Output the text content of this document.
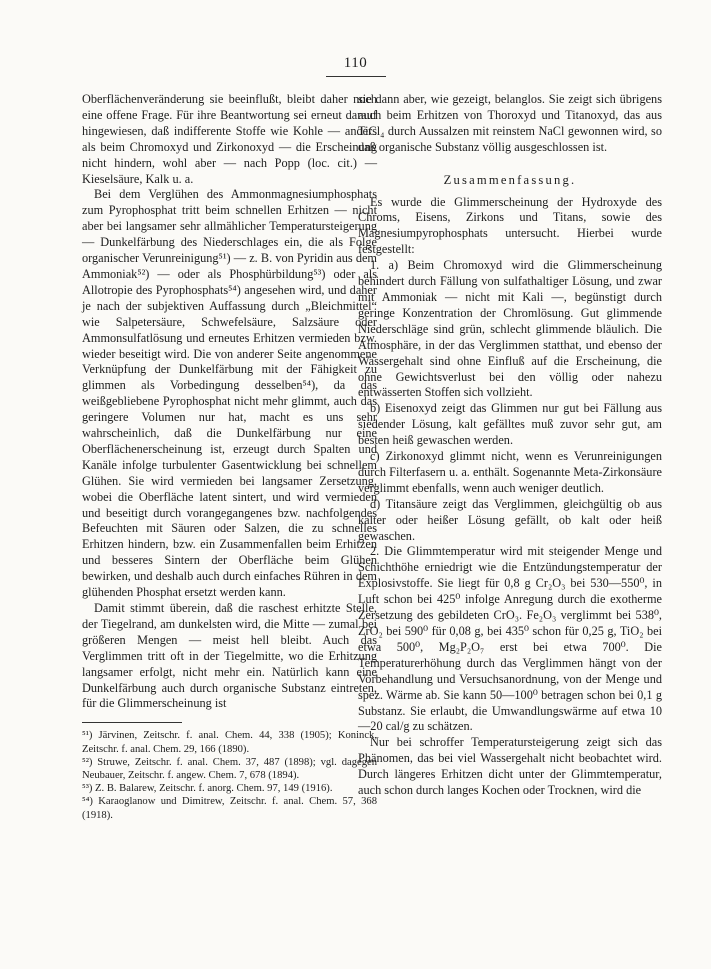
110

Oberflächenveränderung sie beeinflußt, bleibt daher noch eine offene Frage. Für ihre Beantwortung sei erneut darauf hingewiesen, daß indifferente Stoffe wie Kohle — anders als beim Chromoxyd und Zirkonoxyd — die Erscheinung nicht hindern, wohl aber — nach Popp (loc. cit.) — Kieselsäure, Kalk u. a.

Bei dem Verglühen des Ammonmagnesiumphosphats zum Pyrophosphat tritt beim schnellen Erhitzen — nicht aber bei langsamer sehr allmählicher Temperatursteigerung — Dunkelfärbung des Niederschlages ein, die als Folge organischer Verunreinigung⁵¹) — z. B. von Pyridin aus dem Ammoniak⁵²) — oder als Phosphürbildung⁵³) oder als Allotropie des Pyrophosphats⁵⁴) angesehen wird, und daher je nach der subjektiven Auffassung durch „Bleichmittel“ wie Salpetersäure, Schwefelsäure, Salzsäure oder Ammonsulfatlösung und erneutes Erhitzen vermieden bzw. wieder beseitigt wird. Die von anderer Seite angenommene Verknüpfung der Dunkelfärbung mit der Fähigkeit zu glimmen als Vorbedingung desselben⁵⁴), da das weißgebliebene Pyrophosphat nicht mehr glimmt, auch das geringere Volumen nur hat, macht es uns sehr wahrscheinlich, daß die Dunkelfärbung nur eine Oberflächenerscheinung ist, erzeugt durch Spalten und Kanäle infolge turbulenter Gasentwicklung bei schnellem Glühen. Sie wird vermieden bei langsamer Zersetzung, wobei die Oberfläche latent sintert, und wird vermieden und beseitigt durch vorangegangenes bzw. nachfolgendes Befeuchten mit Säuren oder Salzen, die zu schnelles Erhitzen hindern, bzw. ein Zusammenfallen beim Erhitzen und besseres Sintern der Oberfläche beim Glühen bewirken, und deshalb auch durch einfaches Rühren in dem glühenden Phosphat ersetzt werden kann.

Damit stimmt überein, daß die raschest erhitzte Stelle, der Tiegelrand, am dunkelsten wird, die Mitte — zumal bei größeren Mengen — meist hell bleibt. Auch das Verglimmen tritt oft in der Tiegelmitte, wo die Erhitzung langsamer erfolgt, nicht mehr ein. Natürlich kann eine Dunkelfärbung auch durch organische Substanz eintreten, für die Glimmerscheinung ist

⁵¹) Järvinen, Zeitschr. f. anal. Chem. 44, 338 (1905); Koninck, Zeitschr. f. anal. Chem. 29, 166 (1890).

⁵²) Struwe, Zeitschr. f. anal. Chem. 37, 487 (1898); vgl. dagegen Neubauer, Zeitschr. f. angew. Chem. 7, 678 (1894).

⁵³) Z. B. Balarew, Zeitschr. f. anorg. Chem. 97, 149 (1916).

⁵⁴) Karaoglanow und Dimitrew, Zeitschr. f. anal. Chem. 57, 368 (1918).

sie dann aber, wie gezeigt, belanglos. Sie zeigt sich übrigens auch beim Erhitzen von Thoroxyd und Titanoxyd, das aus TiCl₄ durch Aussalzen mit reinstem NaCl gewonnen wird, so daß organische Substanz völlig ausgeschlossen ist.

Zusammenfassung.

Es wurde die Glimmerscheinung der Hydroxyde des Chroms, Eisens, Zirkons und Titans, sowie des Magnesiumpyrophosphats untersucht. Hierbei wurde festgestellt:

1. a) Beim Chromoxyd wird die Glimmerscheinung behindert durch Fällung von sulfathaltiger Lösung, und zwar mit Ammoniak — nicht mit Kali —, begünstigt durch geringe Konzentration der Chromlösung. Gut glimmende Niederschläge sind grün, schlecht glimmende bläulich. Die Atmosphäre, in der das Verglimmen statthat, und ebenso der Wassergehalt sind ohne Einfluß auf die Erscheinung, die ohne Gewichtsverlust bei den völlig oder nahezu entwässerten Stoffen sich vollzieht.

b) Eisenoxyd zeigt das Glimmen nur gut bei Fällung aus siedender Lösung, kalt gefälltes muß zuvor sehr gut, am besten heiß gewaschen werden.

c) Zirkonoxyd glimmt nicht, wenn es Verunreinigungen durch Filterfasern u. a. enthält. Sogenannte Meta-Zirkonsäure verglimmt ebenfalls, wenn auch weniger deutlich.

d) Titansäure zeigt das Verglimmen, gleichgültig ob aus kalter oder heißer Lösung gefällt, ob kalt oder heiß gewaschen.

2. Die Glimmtemperatur wird mit steigender Menge und Schichthöhe erniedrigt wie die Entzündungstemperatur der Explosivstoffe. Sie liegt für 0,8 g Cr₂O₃ bei 530—550⁰, in Luft schon bei 425⁰ infolge Anregung durch die exotherme Zersetzung des gebildeten CrO₃. Fe₂O₃ verglimmt bei 538⁰, ZrO₂ bei 590⁰ für 0,08 g, bei 435⁰ schon für 0,25 g, TiO₂ bei etwa 500⁰, Mg₂P₂O₇ erst bei etwa 700⁰. Die Temperaturerhöhung durch das Verglimmen hängt von der Vorbehandlung und Versuchsanordnung, von der Menge und spez. Wärme ab. Sie kann 50—100⁰ betragen schon bei 0,1 g Substanz. Sie erlaubt, die Umwandlungswärme auf etwa 10—20 cal/g zu schätzen.

Nur bei schroffer Temperatursteigerung zeigt sich das Phänomen, das bei viel Wassergehalt nicht beobachtet wird. Durch längeres Erhitzen dicht unter der Glimmtemperatur, auch schon durch langes Kochen oder Trocknen, wird die
